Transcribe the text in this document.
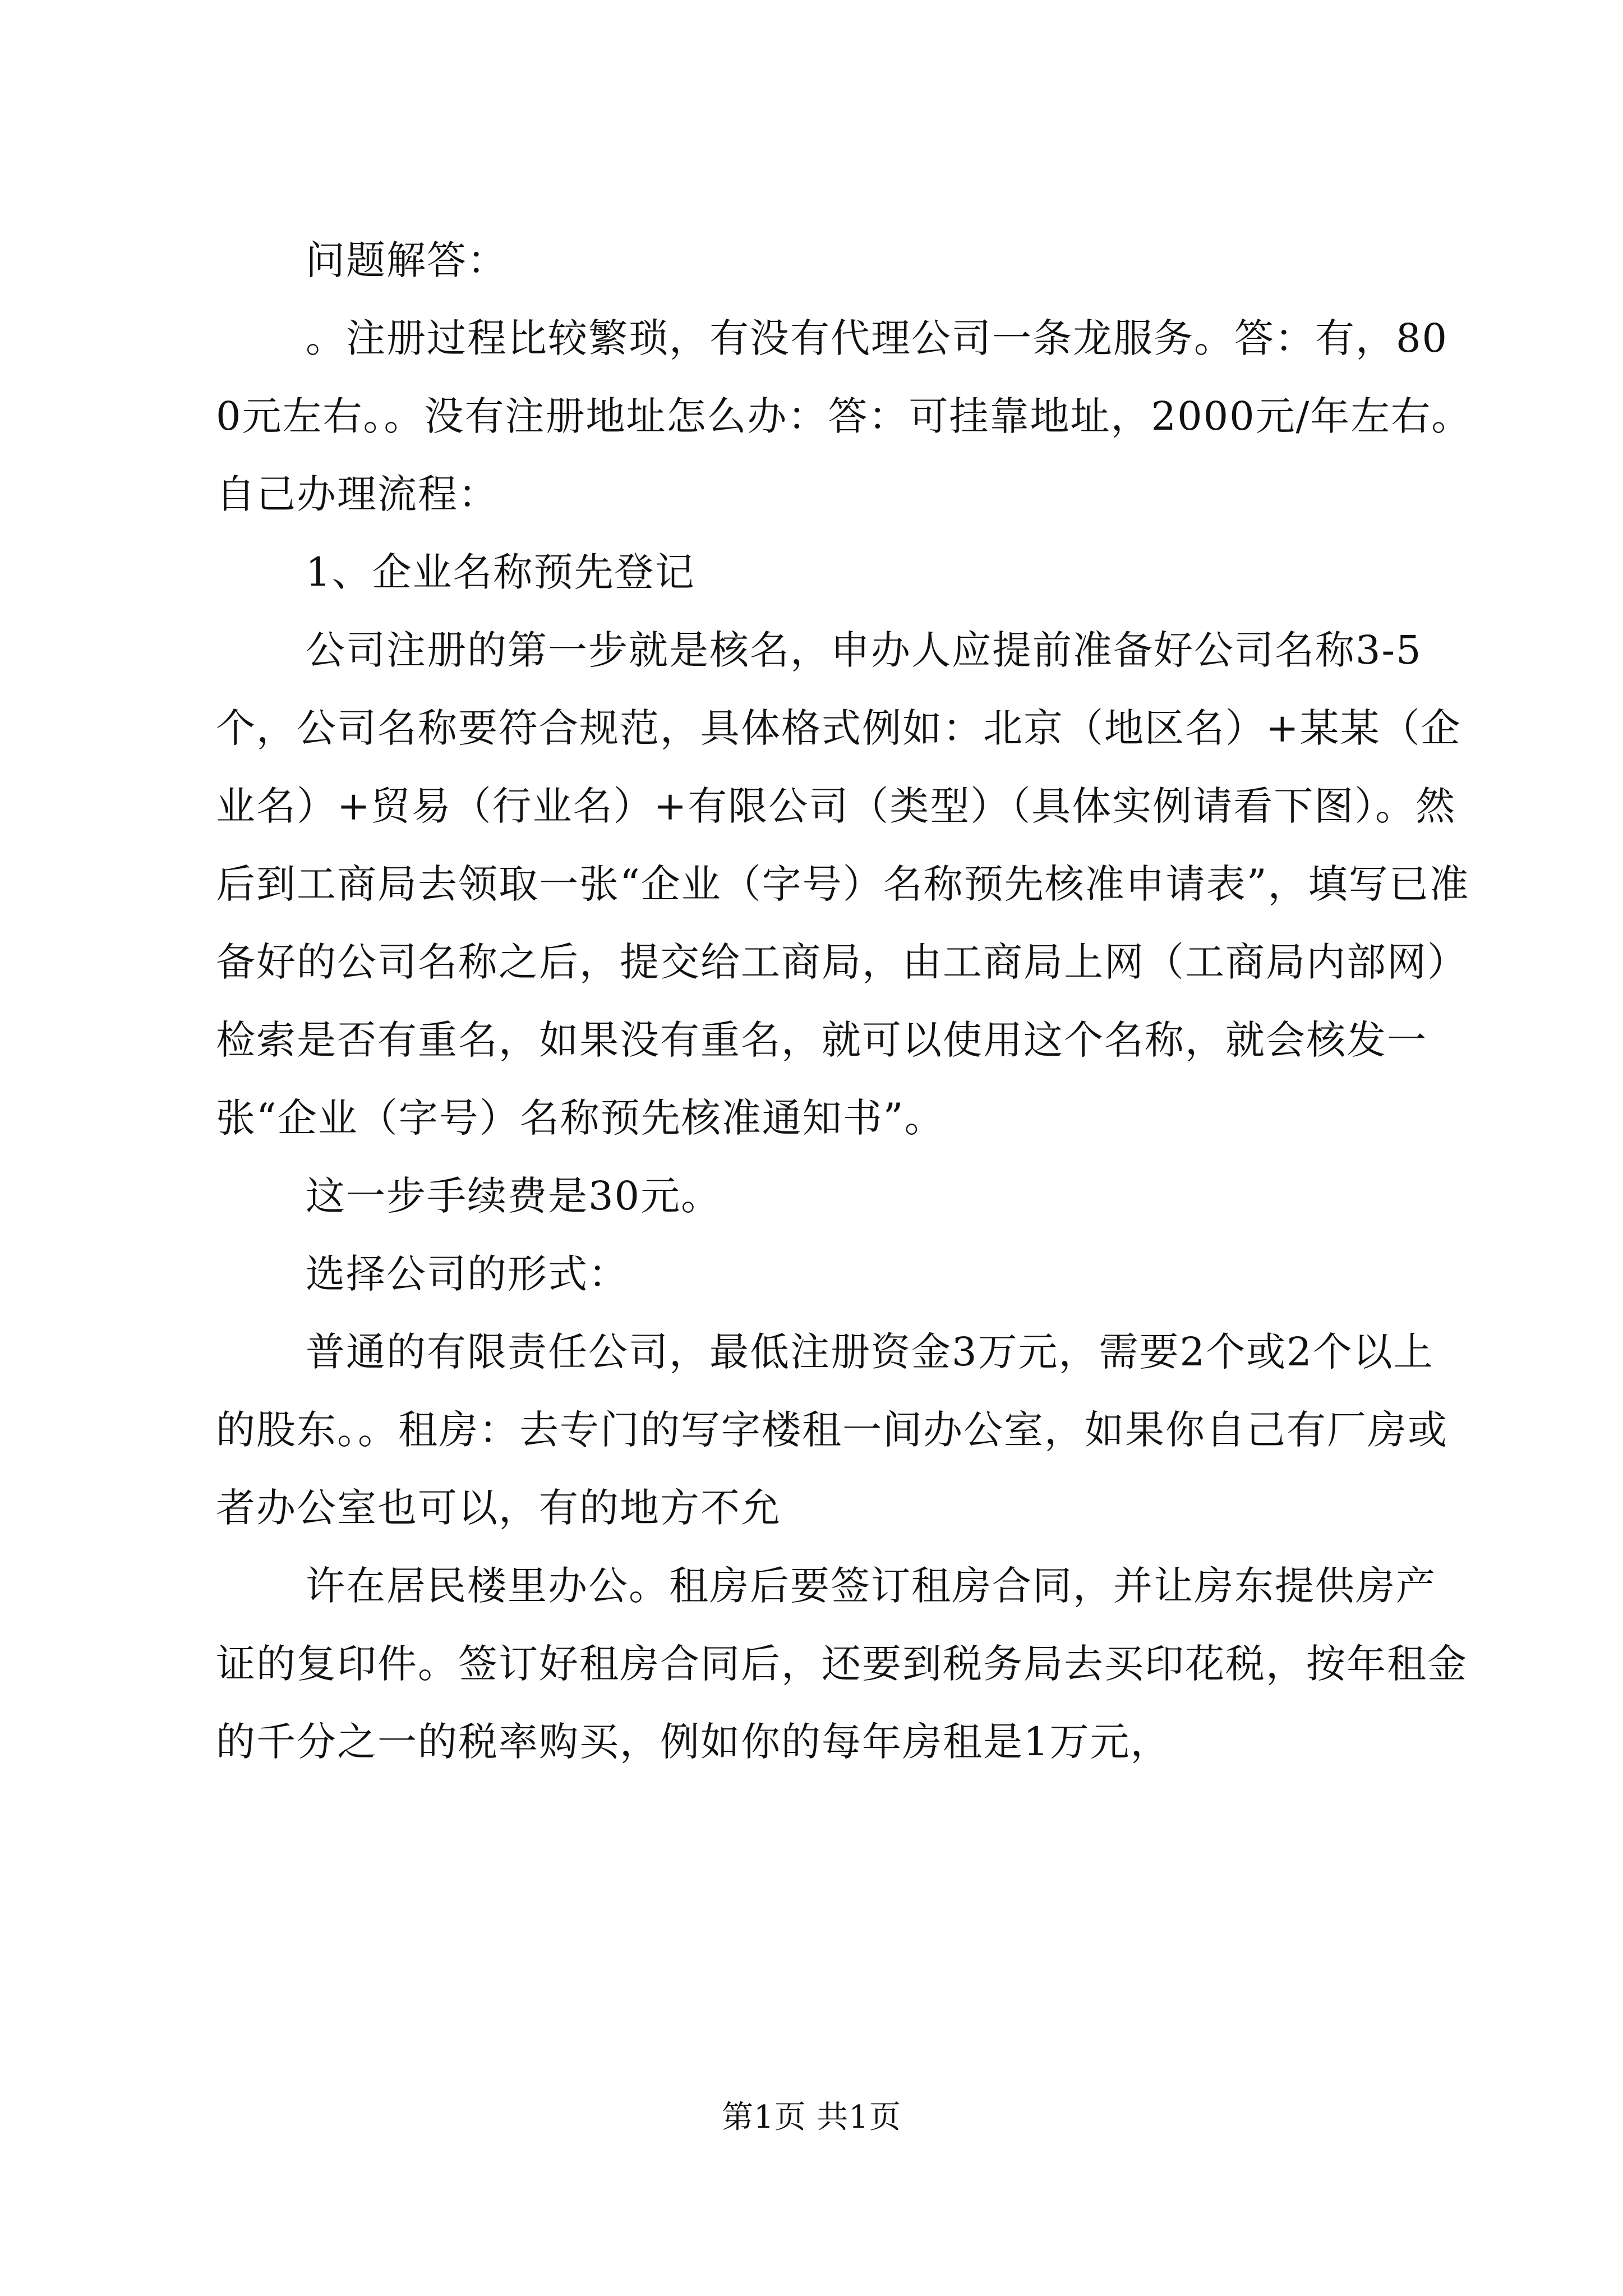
问题解答：

。注册过程比较繁琐，有没有代理公司一条龙服务。答：有，800元左右。。没有注册地址怎么办：答：可挂靠地址，2000元/年左右。自己办理流程：

1、企业名称预先登记

公司注册的第一步就是核名，申办人应提前准备好公司名称3-5个，公司名称要符合规范，具体格式例如：北京（地区名）+某某（企业名）+贸易（行业名）+有限公司（类型）（具体实例请看下图）。然后到工商局去领取一张“企业（字号）名称预先核准申请表”，填写已准备好的公司名称之后，提交给工商局，由工商局上网（工商局内部网）检索是否有重名，如果没有重名，就可以使用这个名称，就会核发一张“企业（字号）名称预先核准通知书”。

这一步手续费是30元。

选择公司的形式：

普通的有限责任公司，最低注册资金3万元，需要2个或2个以上的股东。。租房：去专门的写字楼租一间办公室，如果你自己有厂房或者办公室也可以，有的地方不允

许在居民楼里办公。租房后要签订租房合同，并让房东提供房产证的复印件。签订好租房合同后，还要到税务局去买印花税，按年租金的千分之一的税率购买，例如你的每年房租是1万元，

第1页 共1页
